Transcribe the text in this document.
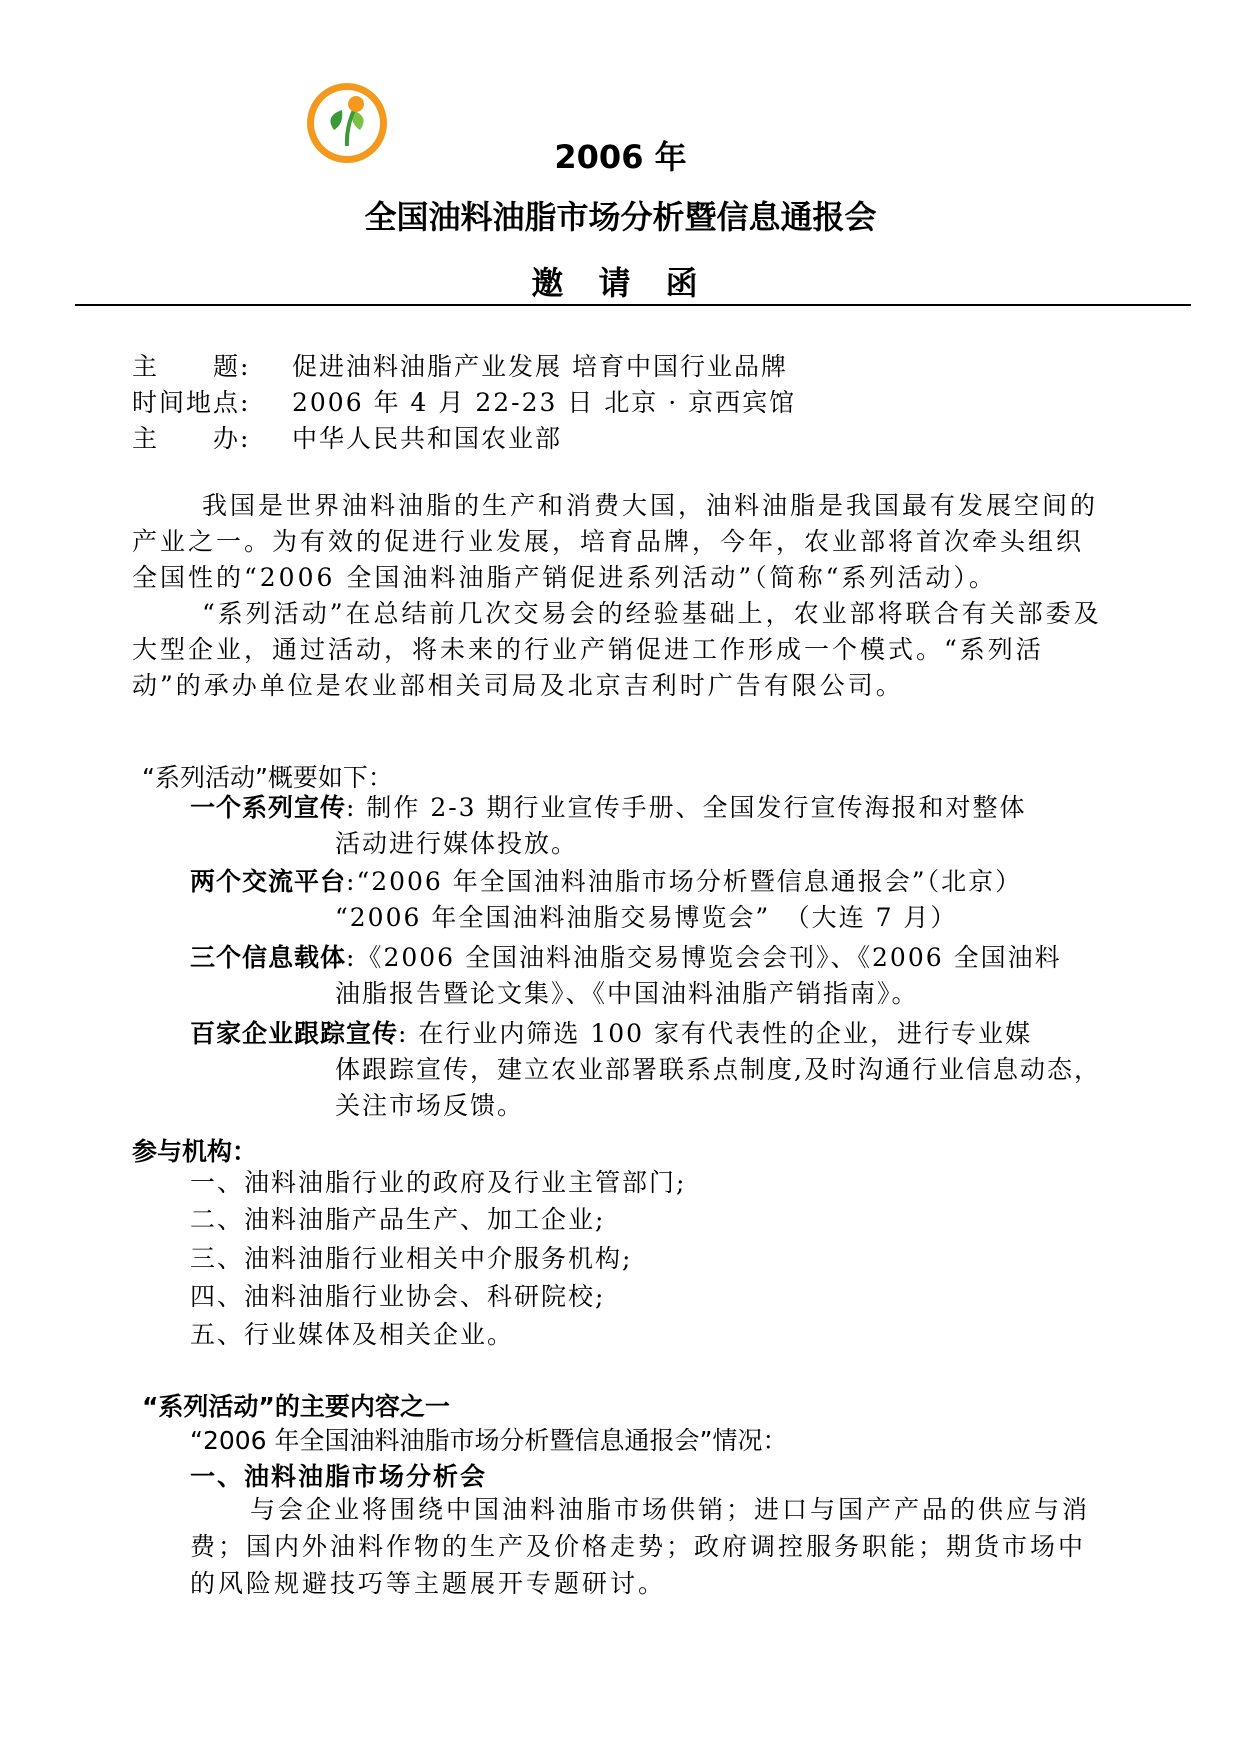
2006 年
全国油料油脂市场分析暨信息通报会
邀 请 函
主　　题: 促进油料油脂产业发展 培育中国行业品牌
时间地点: 2006 年 4 月 22-23 日 北京 · 京西宾馆
主　　办: 中华人民共和国农业部
我国是世界油料油脂的生产和消费大国，油料油脂是我国最有发展空间的产业之一。为有效的促进行业发展，培育品牌，今年，农业部将首次牵头组织全国性的“2006 全国油料油脂产销促进系列活动”（简称“系列活动）。
“系列活动”在总结前几次交易会的经验基础上，农业部将联合有关部委及大型企业，通过活动，将未来的行业产销促进工作形成一个模式。“系列活动”的承办单位是农业部相关司局及北京吉利时广告有限公司。
“系列活动”概要如下：
一个系列宣传: 制作 2-3 期行业宣传手册、全国发行宣传海报和对整体
活动进行媒体投放。
两个交流平台:“2006 年全国油料油脂市场分析暨信息通报会”（北京）
“2006 年全国油料油脂交易博览会”　（大连 7 月）
三个信息载体:《2006 全国油料油脂交易博览会会刊》、《2006 全国油料
油脂报告暨论文集》、《中国油料油脂产销指南》。
百家企业跟踪宣传: 在行业内筛选 100 家有代表性的企业，进行专业媒
体跟踪宣传，建立农业部署联系点制度,及时沟通行业信息动态，关注市场反馈。
参与机构：
一、油料油脂行业的政府及行业主管部门;
二、油料油脂产品生产、加工企业;
三、油料油脂行业相关中介服务机构;
四、油料油脂行业协会、科研院校;
五、行业媒体及相关企业。
“系列活动”的主要内容之一
“2006 年全国油料油脂市场分析暨信息通报会”情况：
一、油料油脂市场分析会
与会企业将围绕中国油料油脂市场供销；进口与国产产品的供应与消费；国内外油料作物的生产及价格走势；政府调控服务职能；期货市场中的风险规避技巧等主题展开专题研讨。
